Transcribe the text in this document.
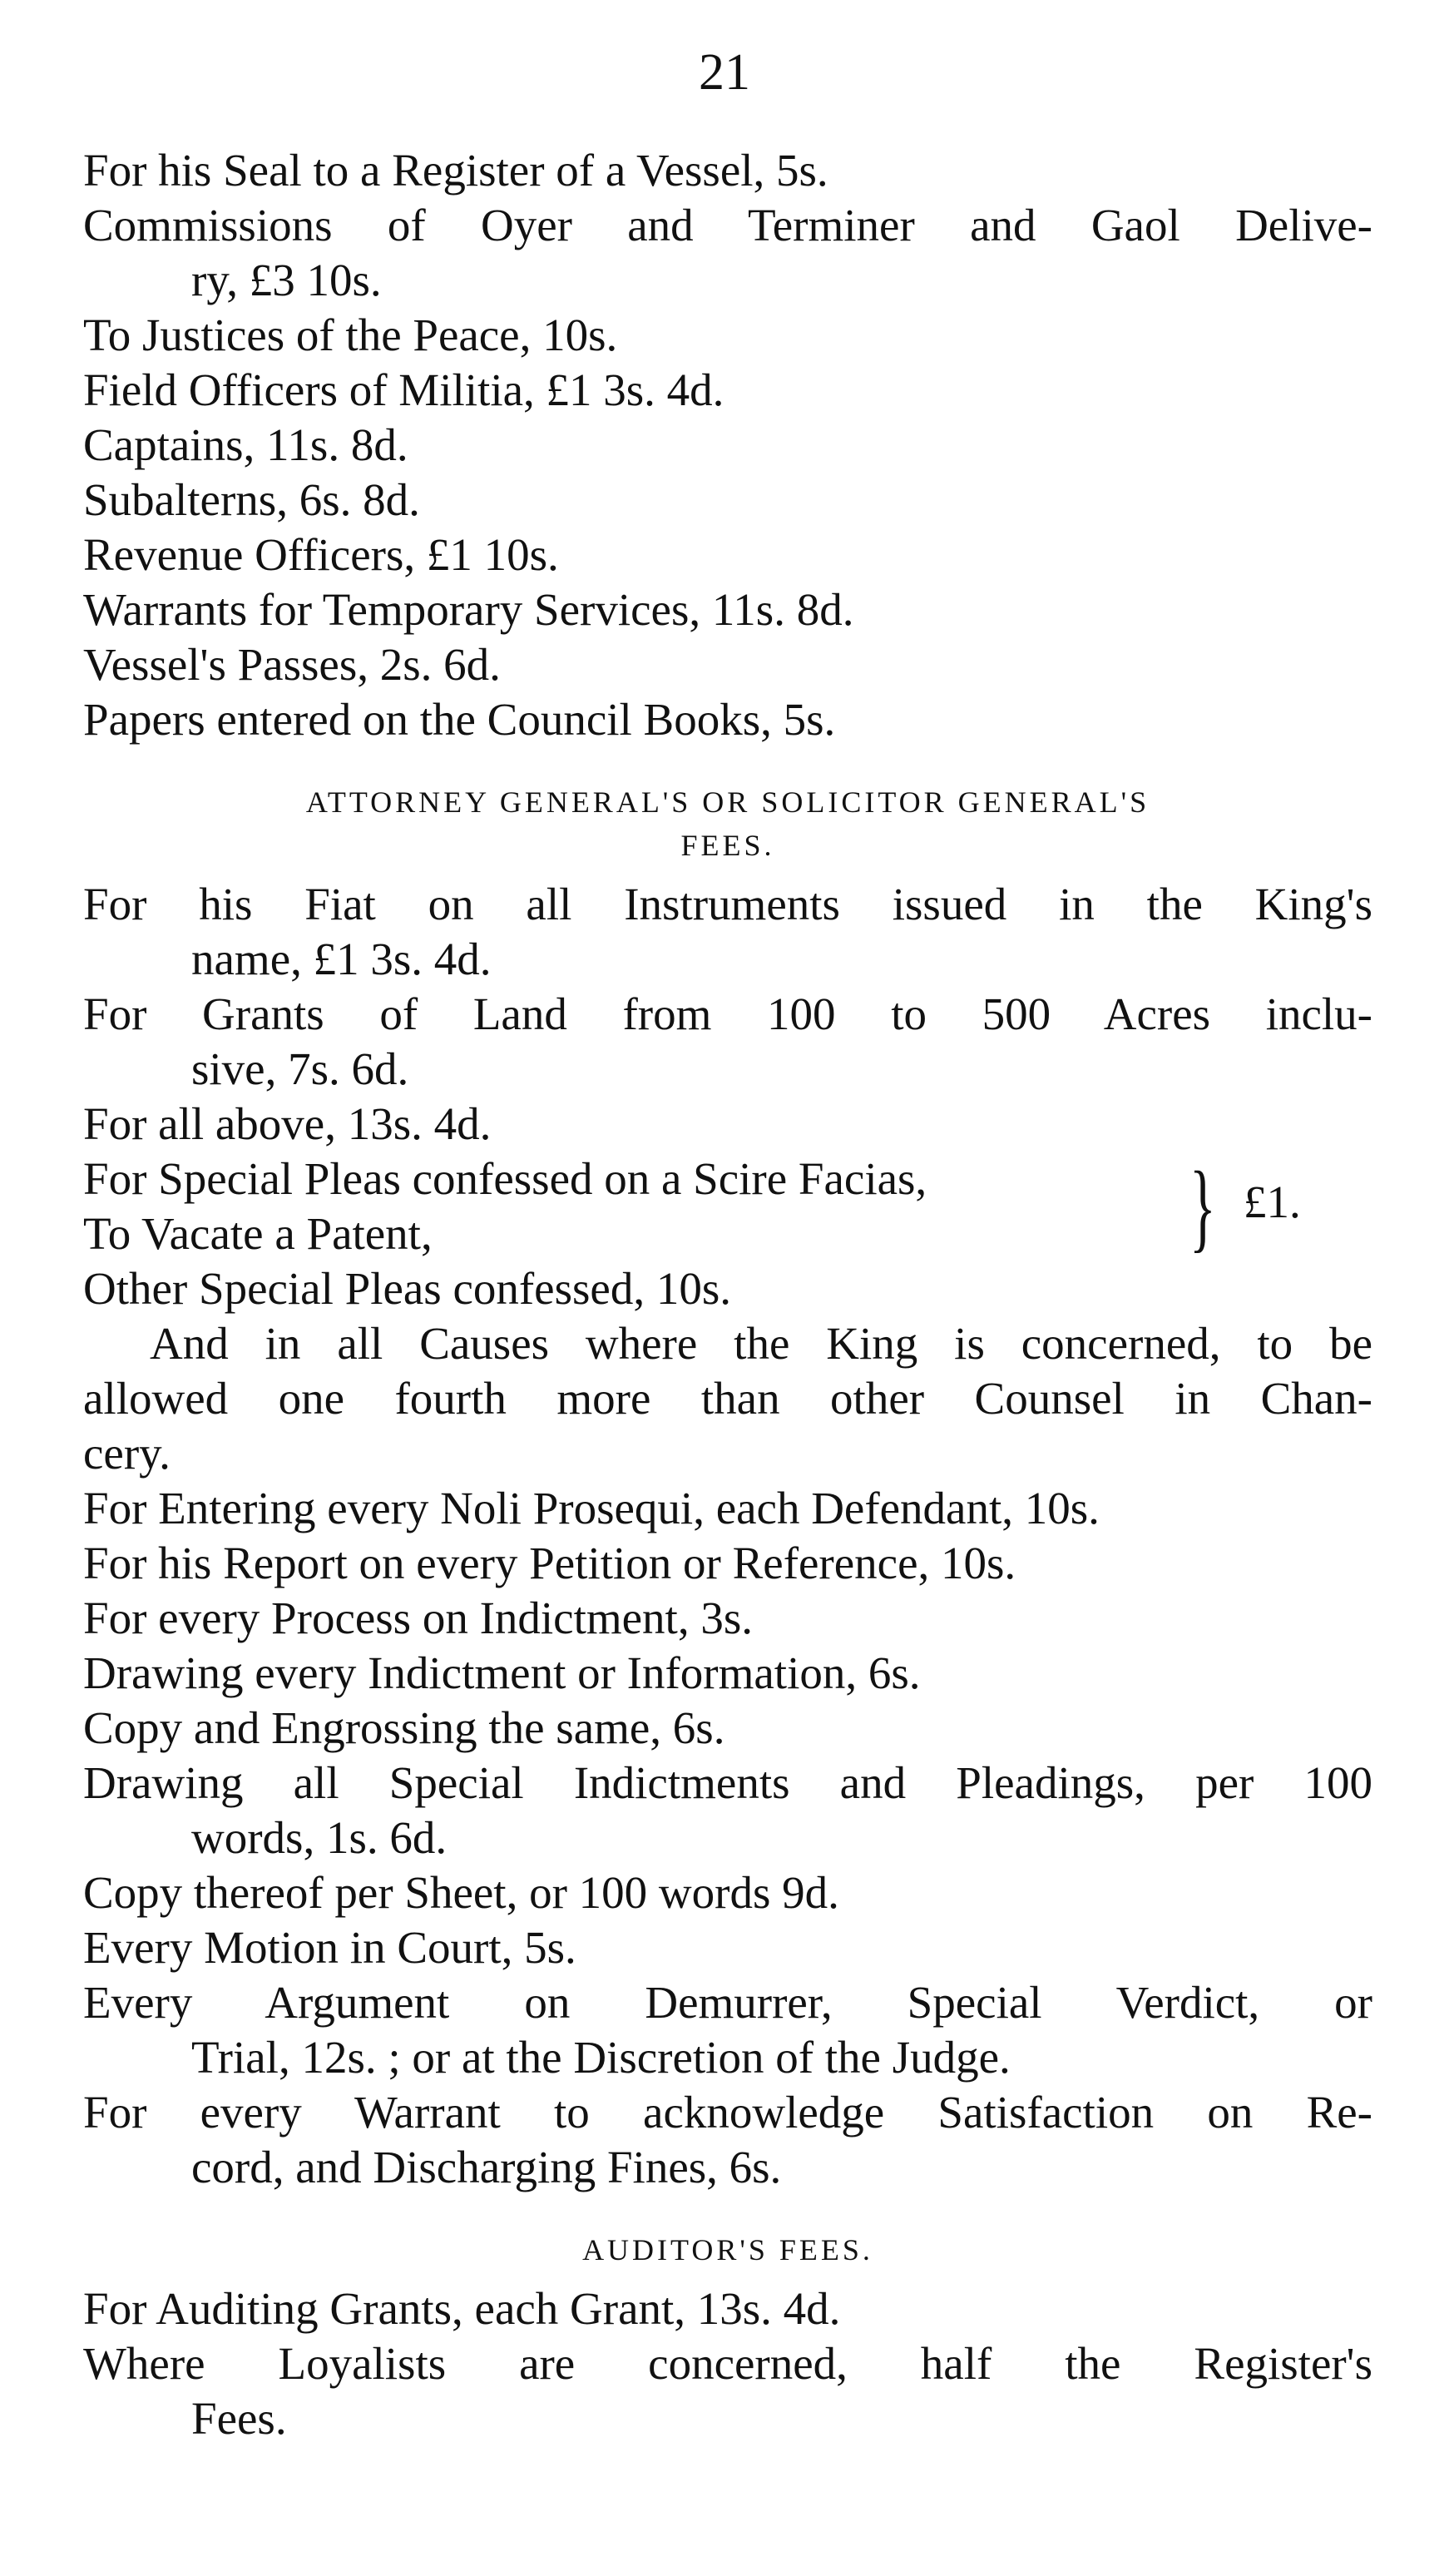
21
For his Seal to a Register of a Vessel, 5s.
Commissions of Oyer and Terminer and Gaol Delive-
ry, £3 10s.
To Justices of the Peace, 10s.
Field Officers of Militia, £1 3s. 4d.
Captains, 11s. 8d.
Subalterns, 6s. 8d.
Revenue Officers, £1 10s.
Warrants for Temporary Services, 11s. 8d.
Vessel's Passes, 2s. 6d.
Papers entered on the Council Books, 5s.
ATTORNEY GENERAL'S OR SOLICITOR GENERAL'S
FEES.
For his Fiat on all Instruments issued in the King's
name, £1 3s. 4d.
For Grants of Land from 100 to 500 Acres inclu-
sive, 7s. 6d.
For all above, 13s. 4d.
For Special Pleas confessed on a Scire Facias,
To Vacate a Patent,	} £1.
Other Special Pleas confessed, 10s.
And in all Causes where the King is concerned, to be
allowed one fourth more than other Counsel in Chan-
cery.
For Entering every Noli Prosequi, each Defendant, 10s.
For his Report on every Petition or Reference, 10s.
For every Process on Indictment, 3s.
Drawing every Indictment or Information, 6s.
Copy and Engrossing the same, 6s.
Drawing all Special Indictments and Pleadings, per 100
words, 1s. 6d.
Copy thereof per Sheet, or 100 words 9d.
Every Motion in Court, 5s.
Every Argument on Demurrer, Special Verdict, or
Trial, 12s. ; or at the Discretion of the Judge.
For every Warrant to acknowledge Satisfaction on Re-
cord, and Discharging Fines, 6s.
AUDITOR'S FEES.
For Auditing Grants, each Grant, 13s. 4d.
Where Loyalists are concerned, half the Register's
Fees.
